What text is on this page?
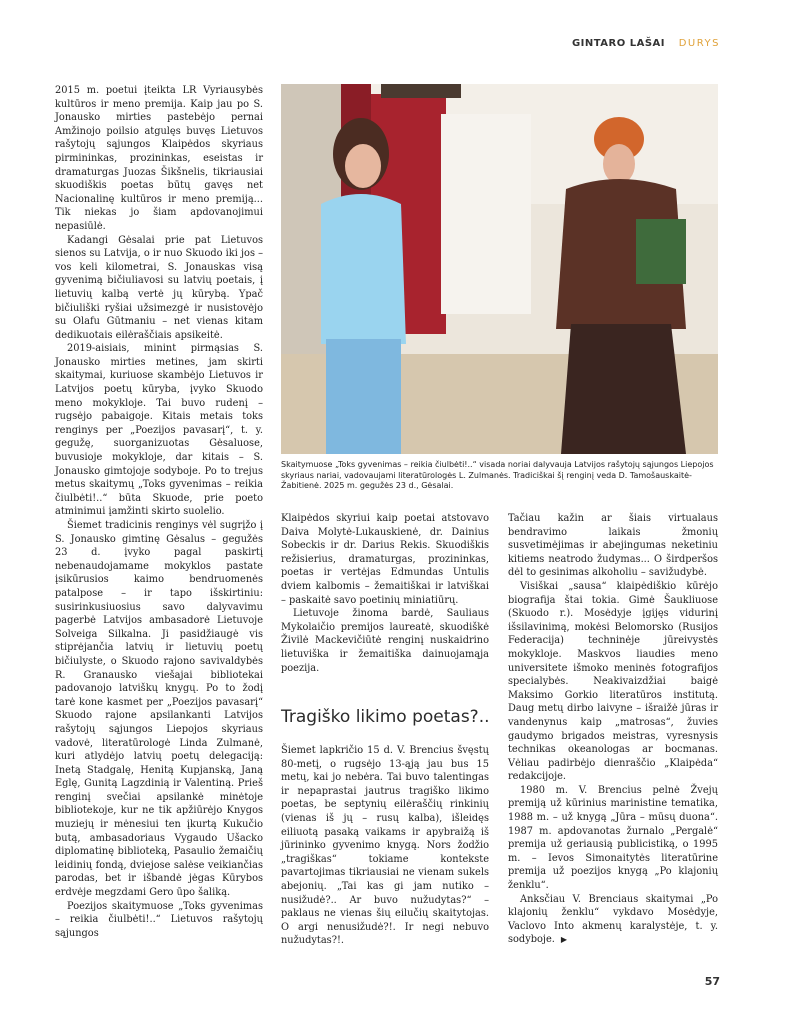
GINTARO LAŠAI DURYS

2015 m. poetui įteikta LR Vyriausybės kultūros ir meno premija. Kaip jau po S. Jonausko mirties pastebėjo pernai Amžinojo poilsio atgulęs buvęs Lietuvos rašytojų sąjungos Klaipėdos skyriaus pirmininkas, prozininkas, eseistas ir dramaturgas Juozas Šikšnelis, tikriausiai skuodiškis poetas būtų gavęs net Nacionalinę kultūros ir meno premiją... Tik niekas jo šiam apdovanojimui nepasiūlė.

Kadangi Gėsalai prie pat Lietuvos sienos su Latvija, o ir nuo Skuodo iki jos – vos keli kilometrai, S. Jonauskas visą gyvenimą bičiuliavosi su latvių poetais, į lietuvių kalbą vertė jų kūrybą. Ypač bičiuliški ryšiai užsimezgė ir nusistovėjo su Olafu Gūtmaniu – net vienas kitam dedikuotais eilėraščiais apsikeitė.

2019-aisiais, minint pirmąsias S. Jonausko mirties metines, jam skirti skaitymai, kuriuose skambėjo Lietuvos ir Latvijos poetų kūryba, įvyko Skuodo meno mokykloje. Tai buvo rudenį – rugsėjo pabaigoje. Kitais metais toks renginys per „Poezijos pavasarį“, t. y. gegužę, suorganizuotas Gėsaluose, buvusioje mokykloje, dar kitais – S. Jonausko gimtojoje sodyboje. Po to trejus metus skaitymų „Toks gyvenimas – reikia čiulbėti!..“ būta Skuode, prie poeto atminimui įamžinti skirto suolelio.

Šiemet tradicinis renginys vėl sugrįžo į S. Jonausko gimtinę Gėsalus – gegužės 23 d. įvyko pagal paskirtį nebenaudojamame mokyklos pastate įsikūrusios kaimo bendruomenės patalpose – ir tapo išskirtiniu: susirinkusiuosius savo dalyvavimu pagerbė Latvijos ambasadorė Lietuvoje Solveiga Silkalna. Ji pasidžiaugė vis stiprėjančia latvių ir lietuvių poetų bičiulyste, o Skuodo rajono savivaldybės R. Granausko viešajai bibliotekai padovanojo latviškų knygų. Po to žodį tarė kone kasmet per „Poezijos pavasarį“ Skuodo rajone apsilankanti Latvijos rašytojų sąjungos Liepojos skyriaus vadovė, literatūrologė Linda Zulmanė, kuri atlydėjo latvių poetų delegaciją: Inetą Stadgalę, Henitą Kupjanską, Janą Eglę, Gunitą Lagzdinią ir Valentiną. Prieš renginį svečiai apsilankė minėtoje bibliotekoje, kur ne tik apžiūrėjo Knygos muziejų ir mėnesiui ten įkurtą Kukučio butą, ambasadoriaus Vygaudo Ušacko diplomatinę biblioteką, Pasaulio žemaičių leidinių fondą, dviejose salėse veikiančias parodas, bet ir išbandė jėgas Kūrybos erdvėje megzdami Gero ūpo šaliką.

Poezijos skaitymuose „Toks gyvenimas – reikia čiulbėti!..“ Lietuvos rašytojų sąjungos

Skaitymuose „Toks gyvenimas – reikia čiulbėti!..“ visada noriai dalyvauja Latvijos rašytojų sąjungos Liepojos skyriaus nariai, vadovaujami literatūrologės L. Zulmanės. Tradiciškai šį renginį veda D. Tamošauskaitė-Žabitienė. 2025 m. gegužės 23 d., Gėsalai.

Klaipėdos skyriui kaip poetai atstovavo Daiva Molytė-Lukauskienė, dr. Dainius Sobeckis ir dr. Darius Rekis. Skuodiškis režisierius, dramaturgas, prozininkas, poetas ir vertėjas Edmundas Untulis dviem kalbomis – žemaitiškai ir latviškai – paskaitė savo poetinių miniatiūrų.

Lietuvoje žinoma bardė, Sauliaus Mykolaičio premijos laureatė, skuodiškė Živilė Mackevičiūtė renginį nuskaidrino lietuviška ir žemaitiška dainuojamąja poezija.

Tragiško likimo poetas?..

Šiemet lapkričio 15 d. V. Brencius švęstų 80-metį, o rugsėjo 13-ąją jau bus 15 metų, kai jo nebėra. Tai buvo talentingas ir nepaprastai jautrus tragiško likimo poetas, be septynių eilėraščių rinkinių (vienas iš jų – rusų kalba), išleidęs eiliuotą pasaką vaikams ir apybraižą iš jūrininko gyvenimo knygą. Nors žodžio „tragiškas“ tokiame kontekste pavartojimas tikriausiai ne vienam sukels abejonių. „Tai kas gi jam nutiko – nusižudė?.. Ar buvo nužudytas?“ – paklaus ne vienas šių eilučių skaitytojas. O argi nenusižudė?!. Ir negi nebuvo nužudytas?!.

Tačiau kažin ar šiais virtualaus bendravimo laikais žmonių susvetimėjimas ir abejingumas neketiniu kitiems neatrodo žudymas... O širdperšos dėl to gesinimas alkoholiu – savižudybė.

Visiškai „sausa“ klaipėdiškio kūrėjo biografija štai tokia. Gimė Šaukliuose (Skuodo r.). Mosėdyje įgijęs vidurinį išsilavinimą, mokėsi Belomorsko (Rusijos Federacija) techninėje jūreivystės mokykloje. Maskvos liaudies meno universitete išmoko meninės fotografijos specialybės. Neakivaizdžiai baigė Maksimo Gorkio literatūros institutą. Daug metų dirbo laivyne – išraižė jūras ir vandenynus kaip „matrosas“, žuvies gaudymo brigados meistras, vyresnysis technikas okeanologas ar bocmanas. Vėliau padirbėjo dienraščio „Klaipėda“ redakcijoje.

1980 m. V. Brencius pelnė Žvejų premiją už kūrinius marinistine tematika, 1988 m. – už knygą „Jūra – mūsų duona“. 1987 m. apdovanotas žurnalo „Pergalė“ premija už geriausią publicistiką, o 1995 m. – Ievos Simonaitytės literatūrine premija už poezijos knygą „Po klajonių ženklu“.

Anksčiau V. Brenciaus skaitymai „Po klajonių ženklu“ vykdavo Mosėdyje, Vaclovo Into akmenų karalystėje, t. y. sodyboje. ▶

57
